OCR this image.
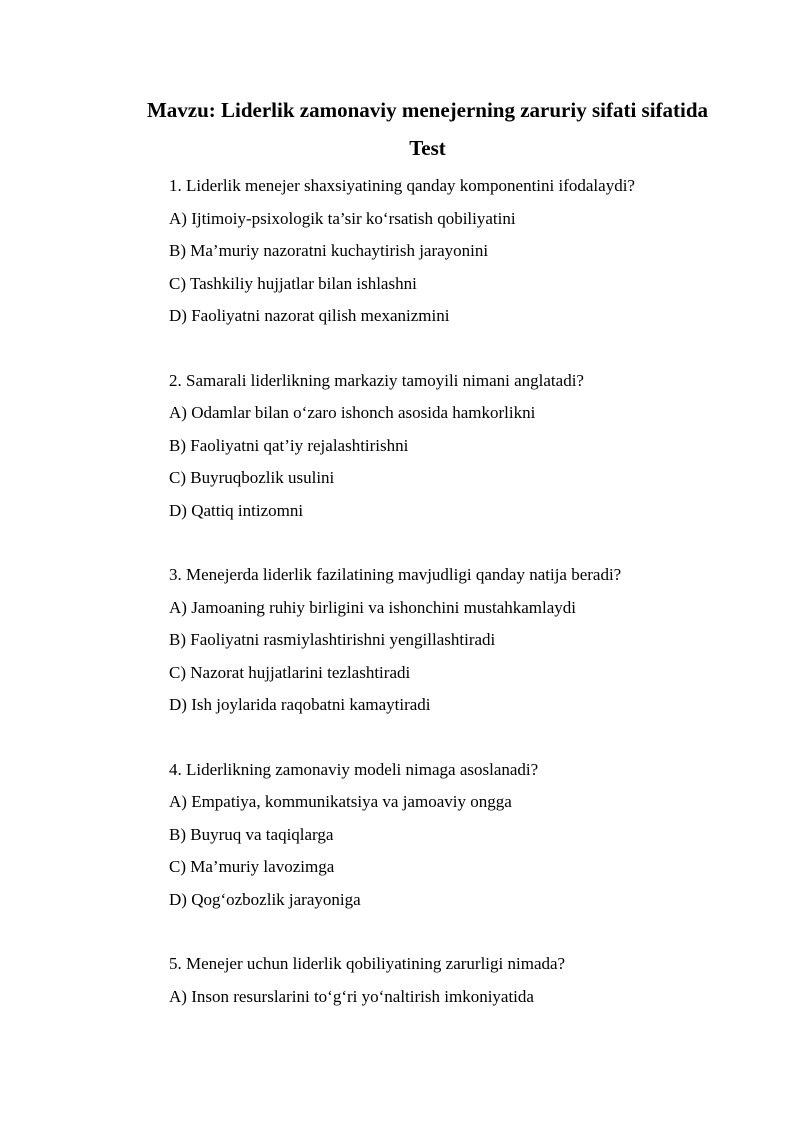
Mavzu: Liderlik zamonaviy menejerning zaruriy sifati sifatida
Test
1. Liderlik menejer shaxsiyatining qanday komponentini ifodalaydi?
A) Ijtimoiy-psixologik ta’sir ko‘rsatish qobiliyatini
B) Ma’muriy nazoratni kuchaytirish jarayonini
C) Tashkiliy hujjatlar bilan ishlashni
D) Faoliyatni nazorat qilish mexanizmini
2. Samarali liderlikning markaziy tamoyili nimani anglatadi?
A) Odamlar bilan o‘zaro ishonch asosida hamkorlikni
B) Faoliyatni qat’iy rejalashtirishni
C) Buyruqbozlik usulini
D) Qattiq intizomni
3. Menejerda liderlik fazilatining mavjudligi qanday natija beradi?
A) Jamoaning ruhiy birligini va ishonchini mustahkamlaydi
B) Faoliyatni rasmiylashtirishni yengillashtiradi
C) Nazorat hujjatlarini tezlashtiradi
D) Ish joylarida raqobatni kamaytiradi
4. Liderlikning zamonaviy modeli nimaga asoslanadi?
A) Empatiya, kommunikatsiya va jamoaviy ongga
B) Buyruq va taqiqlarga
C) Ma’muriy lavozimga
D) Qog‘ozbozlik jarayoniga
5. Menejer uchun liderlik qobiliyatining zarurligi nimada?
A) Inson resurslarini to‘g‘ri yo‘naltirish imkoniyatida
